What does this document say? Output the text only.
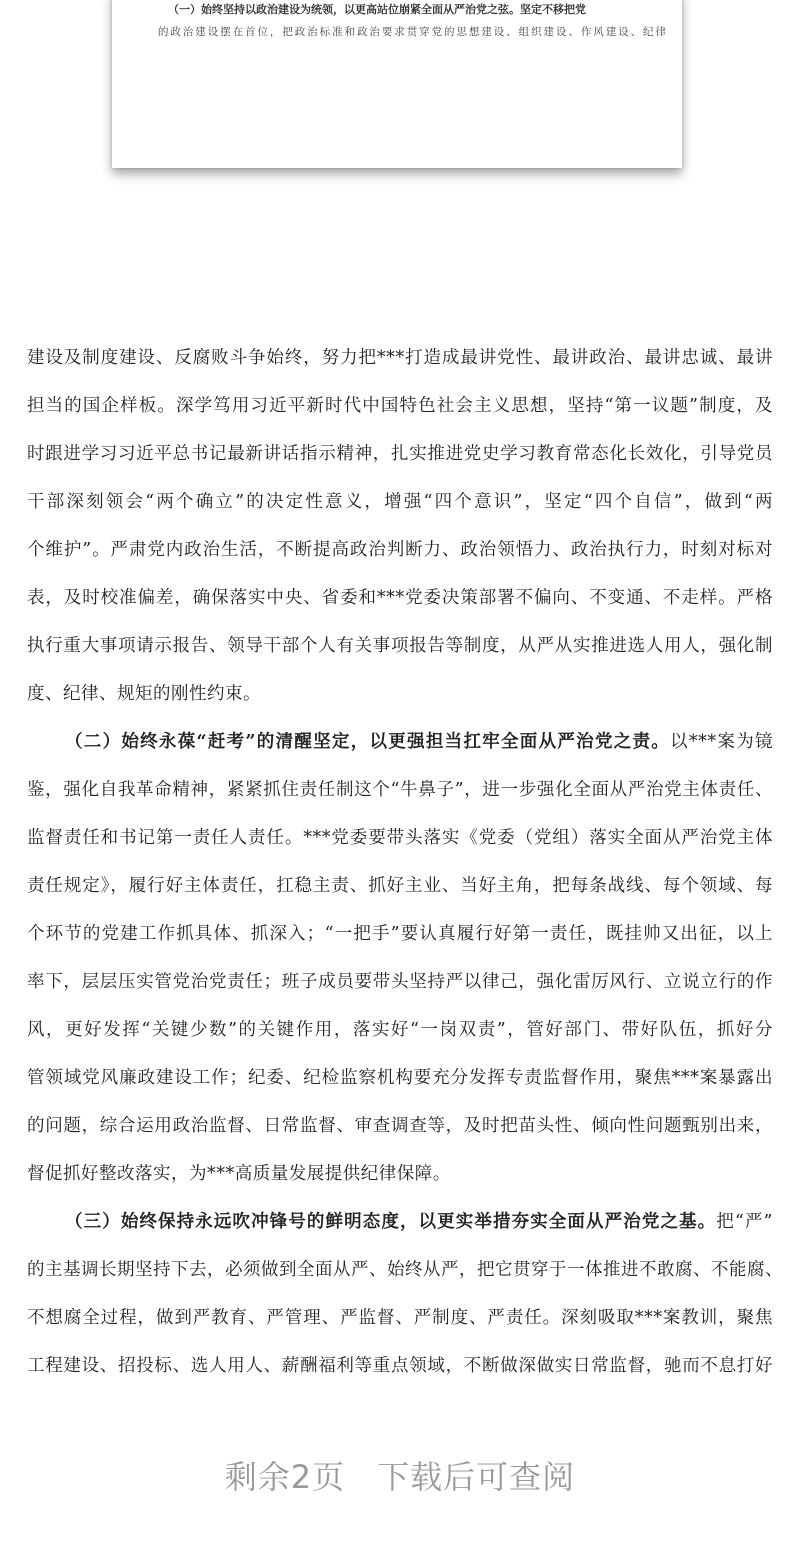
（一）始终坚持以政治建设为统领，以更高站位崩紧全面从严治党之弦。坚定不移把党
的政治建设摆在首位，把政治标准和政治要求贯穿党的思想建设、组织建设、作风建设、纪律
建设及制度建设、反腐败斗争始终，努力把***打造成最讲党性、最讲政治、最讲忠诚、最讲
担当的国企样板。深学笃用习近平新时代中国特色社会主义思想，坚持“第一议题”制度，及
时跟进学习习近平总书记最新讲话指示精神，扎实推进党史学习教育常态化长效化，引导党员
干部深刻领会“两个确立”的决定性意义，增强“四个意识”，坚定“四个自信”，做到“两
个维护”。严肃党内政治生活，不断提高政治判断力、政治领悟力、政治执行力，时刻对标对
表，及时校准偏差，确保落实中央、省委和***党委决策部署不偏向、不变通、不走样。严格
执行重大事项请示报告、领导干部个人有关事项报告等制度，从严从实推进选人用人，强化制
度、纪律、规矩的刚性约束。
（二）始终永葆“赶考”的清醒坚定，以更强担当扛牢全面从严治党之责。以***案为镜
鉴，强化自我革命精神，紧紧抓住责任制这个“牛鼻子”，进一步强化全面从严治党主体责任、
监督责任和书记第一责任人责任。***党委要带头落实《党委（党组）落实全面从严治党主体
责任规定》，履行好主体责任，扛稳主责、抓好主业、当好主角，把每条战线、每个领域、每
个环节的党建工作抓具体、抓深入；“一把手”要认真履行好第一责任，既挂帅又出征，以上
率下，层层压实管党治党责任；班子成员要带头坚持严以律己，强化雷厉风行、立说立行的作
风，更好发挥“关键少数”的关键作用，落实好“一岗双责”，管好部门、带好队伍，抓好分
管领域党风廉政建设工作；纪委、纪检监察机构要充分发挥专责监督作用，聚焦***案暴露出
的问题，综合运用政治监督、日常监督、审查调查等，及时把苗头性、倾向性问题甄别出来，
督促抓好整改落实，为***高质量发展提供纪律保障。
（三）始终保持永远吹冲锋号的鲜明态度，以更实举措夯实全面从严治党之基。把“严”
的主基调长期坚持下去，必须做到全面从严、始终从严，把它贯穿于一体推进不敢腐、不能腐、
不想腐全过程，做到严教育、严管理、严监督、严制度、严责任。深刻吸取***案教训，聚焦
工程建设、招投标、选人用人、薪酬福利等重点领域，不断做深做实日常监督，驰而不息打好
剩余2页 下载后可查阅
